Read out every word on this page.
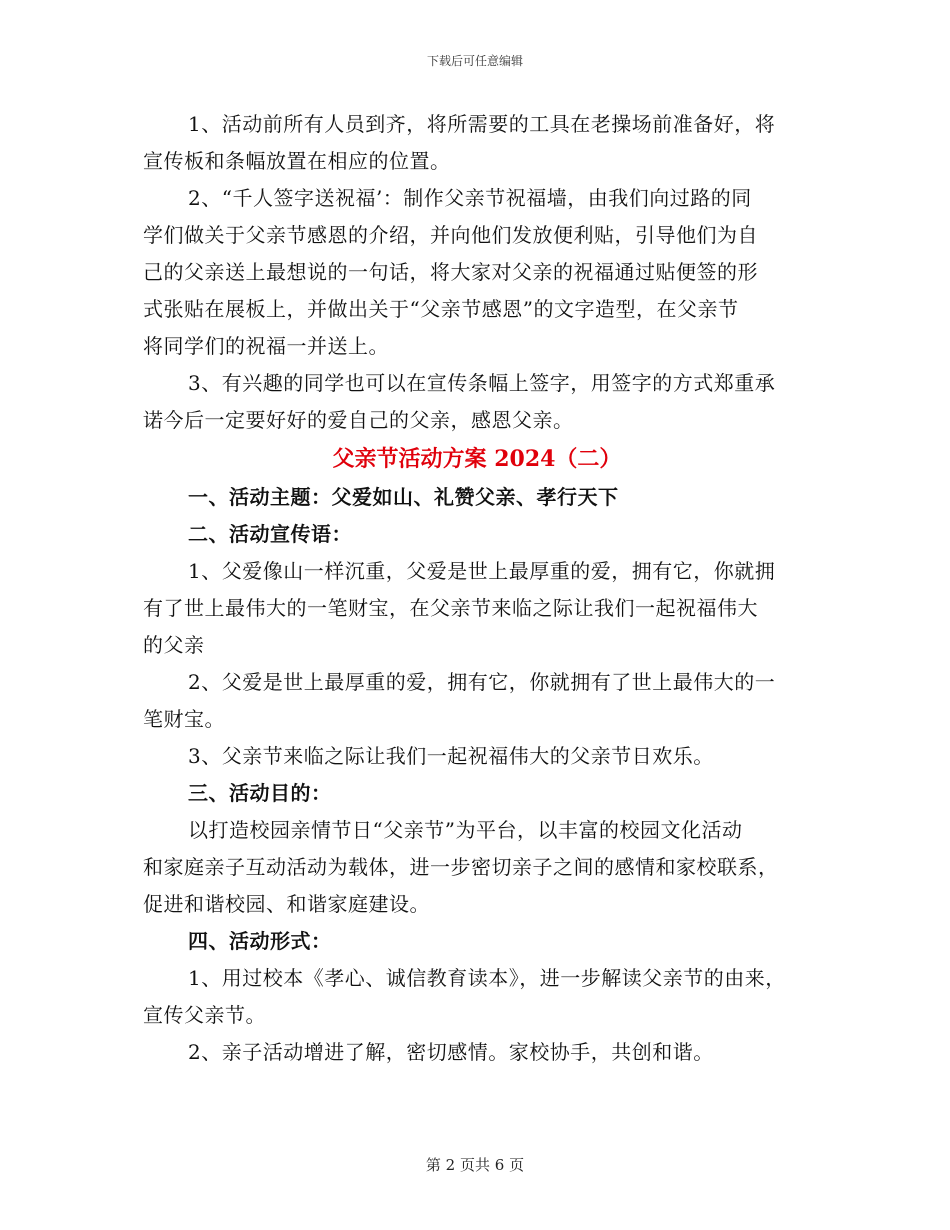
下载后可任意编辑
1、活动前所有人员到齐，将所需要的工具在老操场前准备好，将
宣传板和条幅放置在相应的位置。
2、“千人签字送祝福’：制作父亲节祝福墙，由我们向过路的同
学们做关于父亲节感恩的介绍，并向他们发放便利贴，引导他们为自
己的父亲送上最想说的一句话，将大家对父亲的祝福通过贴便签的形
式张贴在展板上，并做出关于“父亲节感恩”的文字造型，在父亲节
将同学们的祝福一并送上。
3、有兴趣的同学也可以在宣传条幅上签字，用签字的方式郑重承
诺今后一定要好好的爱自己的父亲，感恩父亲。
父亲节活动方案 2024（二）
一、活动主题：父爱如山、礼赞父亲、孝行天下
二、活动宣传语：
1、父爱像山一样沉重，父爱是世上最厚重的爱，拥有它，你就拥
有了世上最伟大的一笔财宝，在父亲节来临之际让我们一起祝福伟大
的父亲
2、父爱是世上最厚重的爱，拥有它，你就拥有了世上最伟大的一
笔财宝。
3、父亲节来临之际让我们一起祝福伟大的父亲节日欢乐。
三、活动目的：
以打造校园亲情节日“父亲节”为平台，以丰富的校园文化活动
和家庭亲子互动活动为载体，进一步密切亲子之间的感情和家校联系，
促进和谐校园、和谐家庭建设。
四、活动形式：
1、用过校本《孝心、诚信教育读本》，进一步解读父亲节的由来，
宣传父亲节。
2、亲子活动增进了解，密切感情。家校协手，共创和谐。
第 2 页共 6 页
